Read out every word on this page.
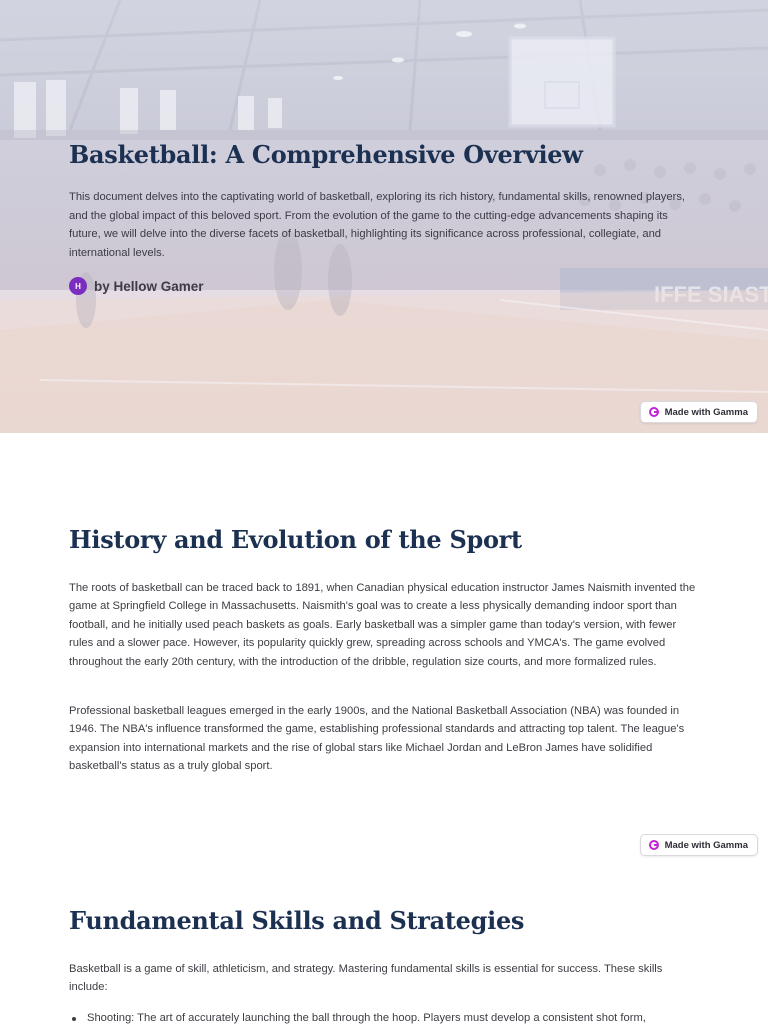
Basketball: A Comprehensive Overview

This document delves into the captivating world of basketball, exploring its rich history, fundamental skills, renowned players, and the global impact of this beloved sport. From the evolution of the game to the cutting-edge advancements shaping its future, we will delve into the diverse facets of basketball, highlighting its significance across professional, collegiate, and international levels.

H by Hellow Gamer
Made with Gamma
History and Evolution of the Sport

The roots of basketball can be traced back to 1891, when Canadian physical education instructor James Naismith invented the game at Springfield College in Massachusetts. Naismith's goal was to create a less physically demanding indoor sport than football, and he initially used peach baskets as goals. Early basketball was a simpler game than today's version, with fewer rules and a slower pace. However, its popularity quickly grew, spreading across schools and YMCA's. The game evolved throughout the early 20th century, with the introduction of the dribble, regulation size courts, and more formalized rules.

Professional basketball leagues emerged in the early 1900s, and the National Basketball Association (NBA) was founded in 1946. The NBA's influence transformed the game, establishing professional standards and attracting top talent. The league's expansion into international markets and the rise of global stars like Michael Jordan and LeBron James have solidified basketball's status as a truly global sport.

Made with Gamma
Fundamental Skills and Strategies

Basketball is a game of skill, athleticism, and strategy. Mastering fundamental skills is essential for success. These skills include:

Shooting: The art of accurately launching the ball through the hoop. Players must develop a consistent shot form,
